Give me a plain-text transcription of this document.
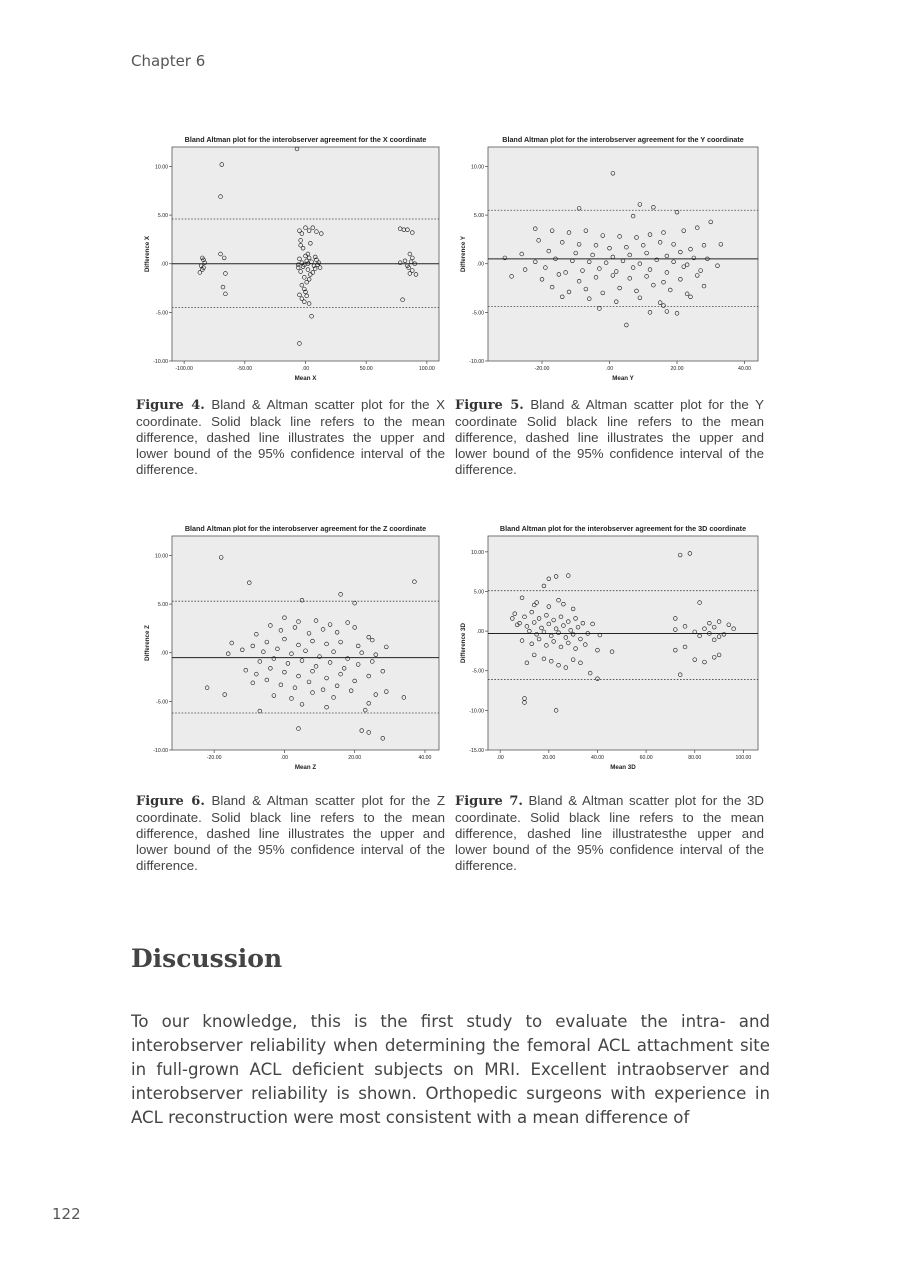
Chapter 6
Bland Altman plot for the interobserver agreement for the X coordinate
10.00
5.00
.00
-5.00
-10.00
-100.00	-50.00	.00	50.00	100.00
Mean X
Difference X
Bland Altman plot for the interobserver agreement for the Y coordinate
10.00
5.00
.00
-5.00
-10.00
-20.00	.00	20.00	40.00
Mean Y
Difference Y
Bland Altman plot for the interobserver agreement for the Z coordinate
10.00
5.00
.00
-5.00
-10.00
-20.00	.00	20.00	40.00
Mean Z
Difference Z
Bland Altman plot for the interobserver agreement for the 3D coordinate
10.00
5.00
.00
-5.00
-10.00
-15.00
.00	20.00	40.00	60.00	80.00	100.00
Mean 3D
Difference 3D
Figure 4. Bland & Altman scatter plot for the X coordinate. Solid black line refers to the mean difference, dashed line illustrates the upper and lower bound of the 95% confidence interval of the difference.
Figure 5. Bland & Altman scatter plot for the Y coordinate Solid black line refers to the mean difference, dashed line illustrates the upper and lower bound of the 95% confidence interval of the difference.
Figure 6. Bland & Altman scatter plot for the Z coordinate. Solid black line refers to the mean difference, dashed line illustrates the upper and lower bound of the 95% confidence interval of the difference.
Figure 7. Bland & Altman scatter plot for the 3D coordinate. Solid black line refers to the mean difference, dashed line illustratesthe upper and lower bound of the 95% confidence interval of the difference.
Discussion

To our knowledge, this is the first study to evaluate the intra- and interobserver reliability when determining the femoral ACL attachment site in full-grown ACL deficient subjects on MRI. Excellent intraobserver and interobserver reliability is shown. Orthopedic surgeons with experience in ACL reconstruction were most consistent with a mean difference of

122
